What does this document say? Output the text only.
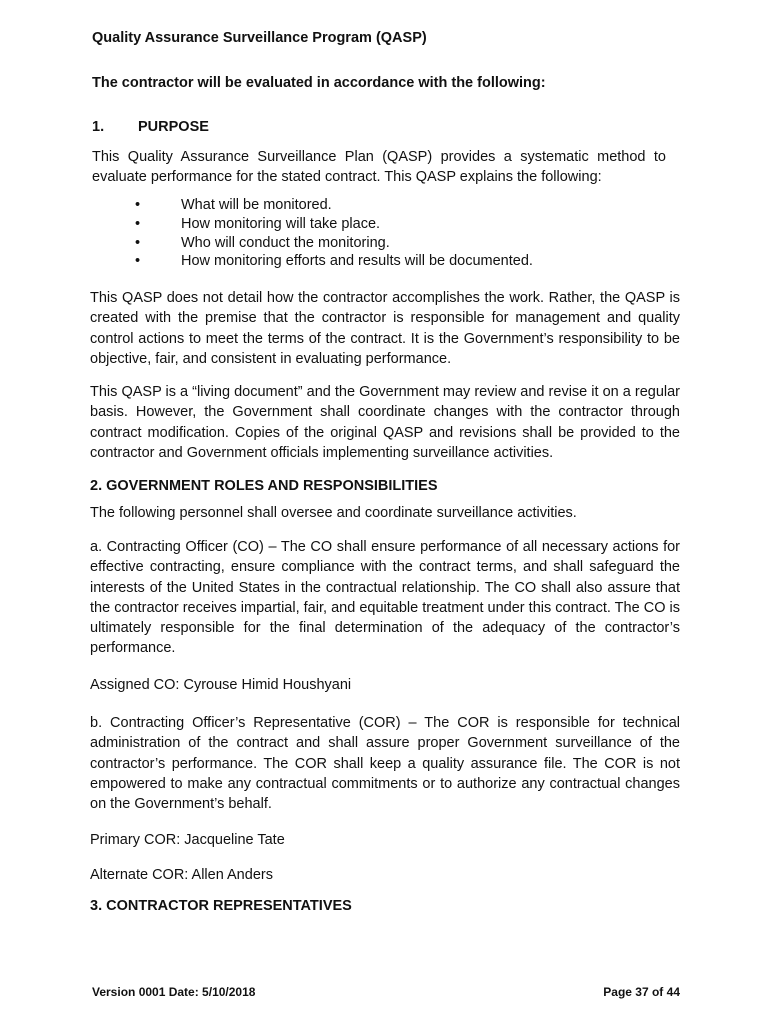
Quality Assurance Surveillance Program (QASP)
The contractor will be evaluated in accordance with the following:
1. PURPOSE

This Quality Assurance Surveillance Plan (QASP) provides a systematic method to evaluate performance for the stated contract. This QASP explains the following:

•	What will be monitored.
•	How monitoring will take place.
•	Who will conduct the monitoring.
•	How monitoring efforts and results will be documented.

This QASP does not detail how the contractor accomplishes the work. Rather, the QASP is created with the premise that the contractor is responsible for management and quality control actions to meet the terms of the contract. It is the Government’s responsibility to be objective, fair, and consistent in evaluating performance.

This QASP is a “living document” and the Government may review and revise it on a regular basis. However, the Government shall coordinate changes with the contractor through contract modification. Copies of the original QASP and revisions shall be provided to the contractor and Government officials implementing surveillance activities.

2. GOVERNMENT ROLES AND RESPONSIBILITIES

The following personnel shall oversee and coordinate surveillance activities.

a. Contracting Officer (CO) – The CO shall ensure performance of all necessary actions for effective contracting, ensure compliance with the contract terms, and shall safeguard the interests of the United States in the contractual relationship. The CO shall also assure that the contractor receives impartial, fair, and equitable treatment under this contract. The CO is ultimately responsible for the final determination of the adequacy of the contractor’s performance.

Assigned CO: Cyrouse Himid Houshyani

b. Contracting Officer’s Representative (COR) – The COR is responsible for technical administration of the contract and shall assure proper Government surveillance of the contractor’s performance. The COR shall keep a quality assurance file. The COR is not empowered to make any contractual commitments or to authorize any contractual changes on the Government’s behalf.

Primary COR: Jacqueline Tate

Alternate COR: Allen Anders

3. CONTRACTOR REPRESENTATIVES
Version 0001 Date: 5/10/2018	Page 37 of 44
